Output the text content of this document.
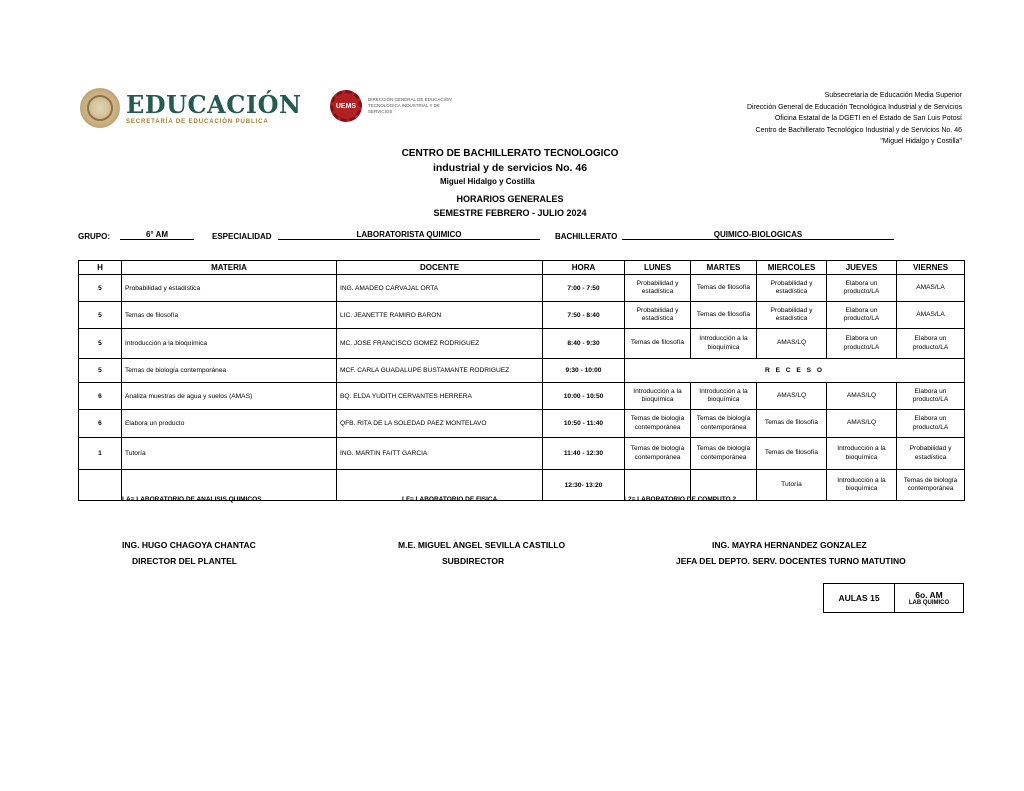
EDUCACIÓN
SECRETARÍA DE EDUCACIÓN PÚBLICA
UEMS
DIRECCIÓN GENERAL DE EDUCACIÓN TECNOLÓGICA INDUSTRIAL Y DE SERVICIOS
Subsecretaría de Educación Media Superior
Dirección General de Educación Tecnológica Industrial y de Servicios
Oficina Estatal de la DGETI en el Estado de San Luis Potosí
Centro de Bachillerato Tecnológico Industrial y de Servicios No. 46
"Miguel Hidalgo y Costilla"
CENTRO DE BACHILLERATO TECNOLOGICO
industrial y de servicios No. 46
Miguel Hidalgo y Costilla
HORARIOS GENERALES
SEMESTRE FEBRERO - JULIO 2024
GRUPO:	6° AM	ESPECIALIDAD	LABORATORISTA QUIMICO	BACHILLERATO	QUIMICO-BIOLOGICAS
H	MATERIA	DOCENTE	HORA	LUNES	MARTES	MIERCOLES	JUEVES	VIERNES
5	Probabilidad y estadística	ING. AMADEO CARVAJAL ORTA	7:00 - 7:50	Probabilidad y estadística	Temas de filosofía	Probabilidad y estadística	Elabora un producto/LA	AMAS/LA
5	Temas de filosofía	LIC. JEANETTE RAMIRO BARON	7:50 - 8:40	Probabilidad y estadística	Temas de filosofía	Probabilidad y estadística	Elabora un producto/LA	AMAS/LA
5	Introducción a la bioquímica	MC. JOSE FRANCISCO GOMEZ RODRIGUEZ	8:40 - 9:30	Temas de filosofía	Introducción a la bioquímica	AMAS/LQ	Elabora un producto/LA	Elabora un producto/LA
5	Temas de biología contemporánea	MCF. CARLA GUADALUPE BUSTAMANTE RODRIGUEZ	9:30 - 10:00	R E C E S O				
6	Analiza muestras de agua y suelos (AMAS)	BQ. ELDA YUDITH CERVANTES HERRERA	10:00 - 10:50	Introducción a la bioquímica	Introducción a la bioquímica	AMAS/LQ	AMAS/LQ	Elabora un producto/LA
6	Elabora un producto	QFB. RITA DE LA SOLEDAD PAEZ MONTELAVO	10:50 - 11:40	Temas de biología contemporánea	Temas de biología contemporánea	Temas de filosofía	AMAS/LQ	Elabora un producto/LA
1	Tutoría	ING. MARTIN FAITT GARCIA	11:40 - 12:30	Temas de biología contemporánea	Temas de biología contemporánea	Temas de filosofía	Introducción a la bioquímica	Probabilidad y estadística
			12:30- 13:20			Tutoría	Introducción a la bioquímica	Temas de biología contemporánea
LA= LABORATORIO DE ANALISIS QUIMICOS	LF= LABORATORIO DE FISICA	L2= LABORATORIO DE COMPUTO 2
ING. HUGO CHAGOYA CHANTAC
DIRECTOR DEL PLANTEL
M.E. MIGUEL ANGEL SEVILLA CASTILLO
SUBDIRECTOR
ING. MAYRA HERNANDEZ GONZALEZ
JEFA DEL DEPTO. SERV. DOCENTES TURNO MATUTINO
AULAS 15	6o. AM
LAB QUIMICO
